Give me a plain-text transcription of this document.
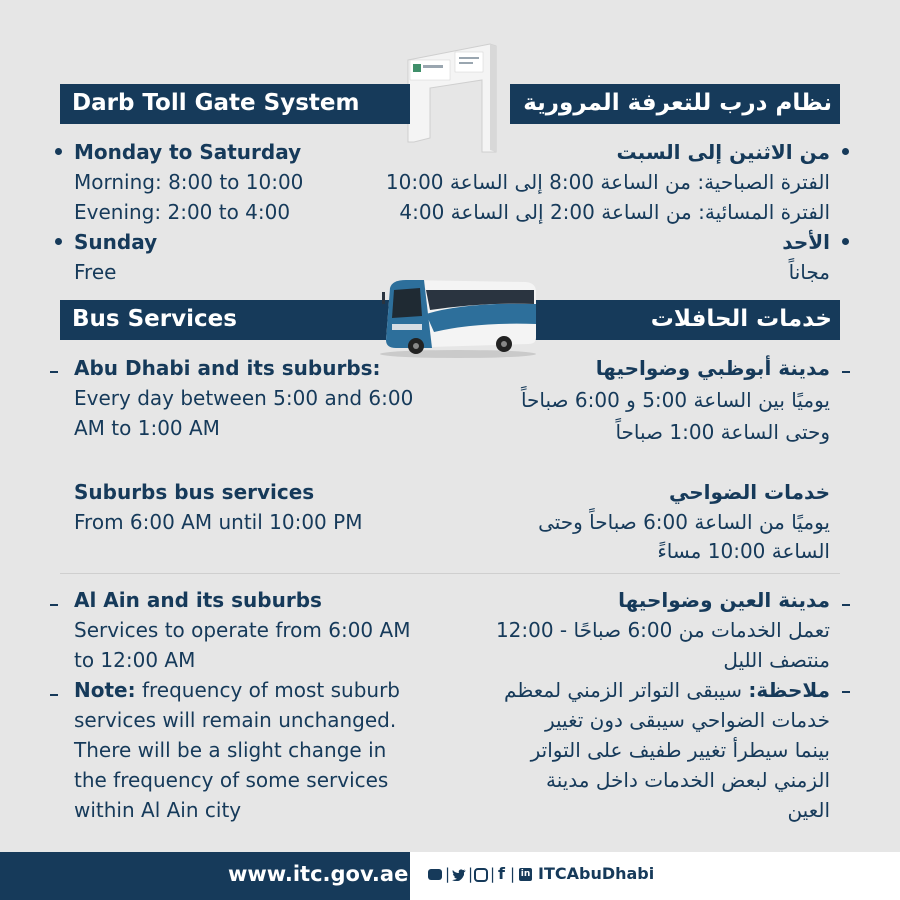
Darb Toll Gate System	نظام درب للتعرفة المرورية
Monday to Saturday
Morning: 8:00 to 10:00
Evening: 2:00 to 4:00
Sunday
Free
من الاثنين إلى السبت
الفترة الصباحية: من الساعة 8:00 إلى الساعة 10:00
الفترة المسائية: من الساعة 2:00 إلى الساعة 4:00
الأحد
مجاناً
Bus Services	خدمات الحافلات
Abu Dhabi and its suburbs:
Every day between 5:00 and 6:00
AM to 1:00 AM
Suburbs bus services
From 6:00 AM until 10:00 PM
مدينة أبوظبي وضواحيها
يوميًا بين الساعة 5:00 و 6:00 صباحاً
وحتى الساعة 1:00 صباحاً
خدمات الضواحي
يوميًا من الساعة 6:00 صباحاً وحتى
الساعة 10:00 مساءً
Al Ain and its suburbs
Services to operate from 6:00 AM
to 12:00 AM
Note: frequency of most suburb
services will remain unchanged.
There will be a slight change in
the frequency of some services
within Al Ain city
مدينة العين وضواحيها
تعمل الخدمات من 6:00 صباحًا - 12:00
منتصف الليل
ملاحظة: سيبقى التواتر الزمني لمعظم
خدمات الضواحي سيبقى دون تغيير
بينما سيطرأ تغيير طفيف على التواتر
الزمني لبعض الخدمات داخل مدينة
العين
www.itc.gov.ae | | | f | in ITCAbuDhabi
